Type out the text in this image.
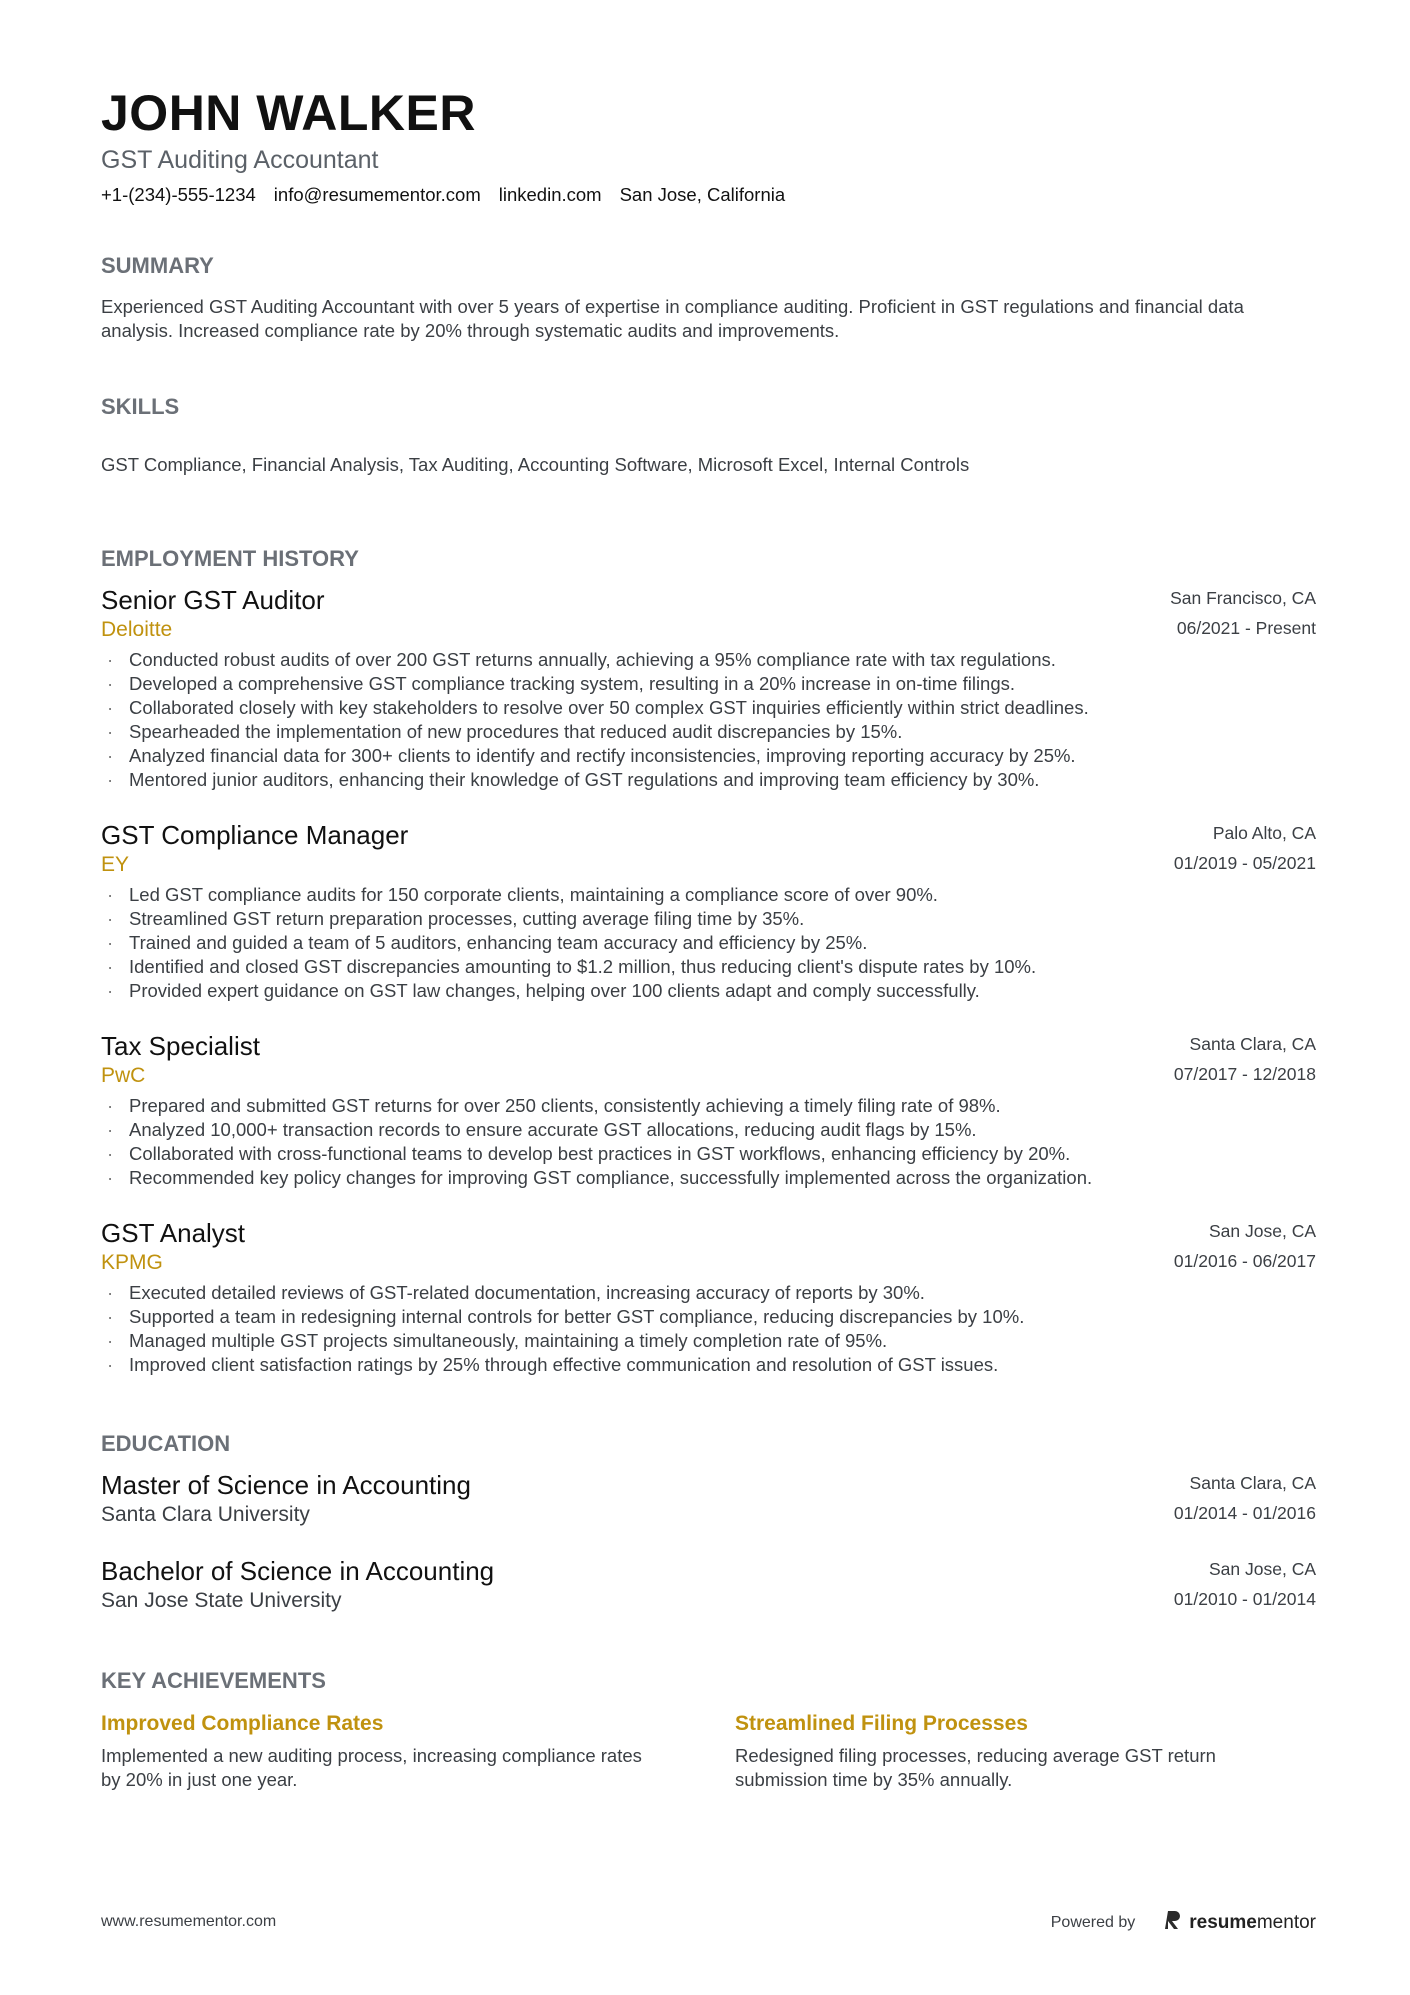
JOHN WALKER
GST Auditing Accountant
+1-(234)-555-1234 info@resumementor.com linkedin.com San Jose, California
SUMMARY

Experienced GST Auditing Accountant with over 5 years of expertise in compliance auditing. Proficient in GST regulations and financial data analysis. Increased compliance rate by 20% through systematic audits and improvements.

SKILLS

GST Compliance, Financial Analysis, Tax Auditing, Accounting Software, Microsoft Excel, Internal Controls

EMPLOYMENT HISTORY
Senior GST Auditor
Deloitte
San Francisco, CA
06/2021 - Present
· Conducted robust audits of over 200 GST returns annually, achieving a 95% compliance rate with tax regulations.
· Developed a comprehensive GST compliance tracking system, resulting in a 20% increase in on-time filings.
· Collaborated closely with key stakeholders to resolve over 50 complex GST inquiries efficiently within strict deadlines.
· Spearheaded the implementation of new procedures that reduced audit discrepancies by 15%.
· Analyzed financial data for 300+ clients to identify and rectify inconsistencies, improving reporting accuracy by 25%.
· Mentored junior auditors, enhancing their knowledge of GST regulations and improving team efficiency by 30%.
GST Compliance Manager
EY
Palo Alto, CA
01/2019 - 05/2021
· Led GST compliance audits for 150 corporate clients, maintaining a compliance score of over 90%.
· Streamlined GST return preparation processes, cutting average filing time by 35%.
· Trained and guided a team of 5 auditors, enhancing team accuracy and efficiency by 25%.
· Identified and closed GST discrepancies amounting to $1.2 million, thus reducing client's dispute rates by 10%.
· Provided expert guidance on GST law changes, helping over 100 clients adapt and comply successfully.
Tax Specialist
PwC
Santa Clara, CA
07/2017 - 12/2018
· Prepared and submitted GST returns for over 250 clients, consistently achieving a timely filing rate of 98%.
· Analyzed 10,000+ transaction records to ensure accurate GST allocations, reducing audit flags by 15%.
· Collaborated with cross-functional teams to develop best practices in GST workflows, enhancing efficiency by 20%.
· Recommended key policy changes for improving GST compliance, successfully implemented across the organization.
GST Analyst
KPMG
San Jose, CA
01/2016 - 06/2017
· Executed detailed reviews of GST-related documentation, increasing accuracy of reports by 30%.
· Supported a team in redesigning internal controls for better GST compliance, reducing discrepancies by 10%.
· Managed multiple GST projects simultaneously, maintaining a timely completion rate of 95%.
· Improved client satisfaction ratings by 25% through effective communication and resolution of GST issues.
EDUCATION
Master of Science in Accounting
Santa Clara University
Santa Clara, CA
01/2014 - 01/2016
Bachelor of Science in Accounting
San Jose State University
San Jose, CA
01/2010 - 01/2014
KEY ACHIEVEMENTS
Improved Compliance Rates
Implemented a new auditing process, increasing compliance rates by 20% in just one year.
Streamlined Filing Processes
Redesigned filing processes, reducing average GST return submission time by 35% annually.
www.resumementor.com	Powered by	resumementor
